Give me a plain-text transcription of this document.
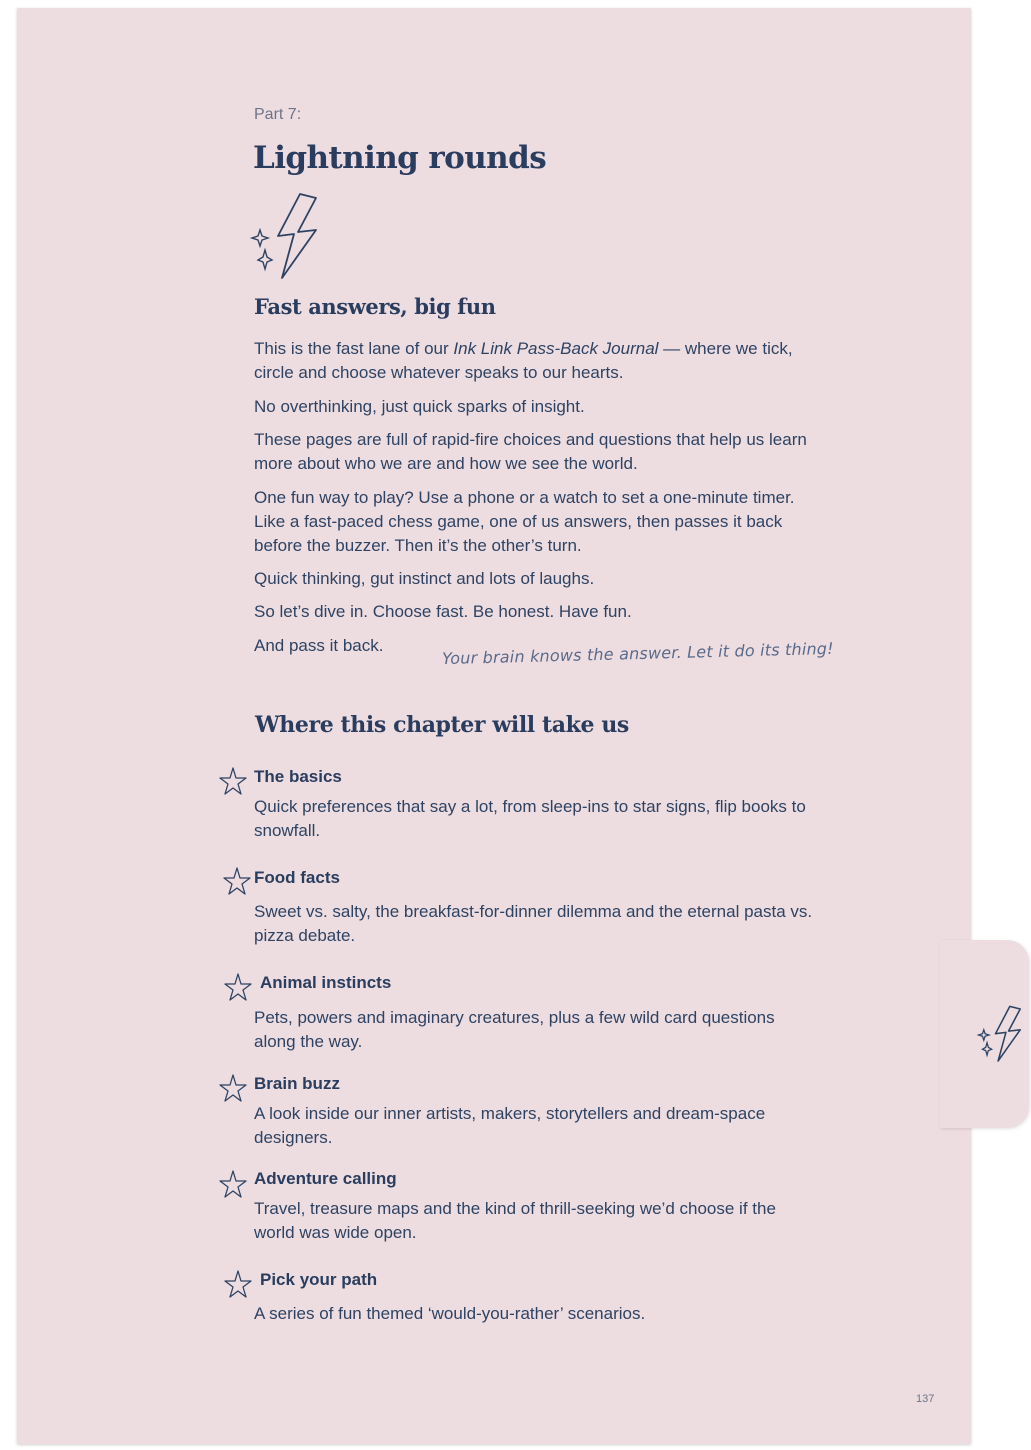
Part 7:
Lightning rounds
Fast answers, big fun

This is the fast lane of our Ink Link Pass-Back Journal — where we tick, circle and choose whatever speaks to our hearts.

No overthinking, just quick sparks of insight.

These pages are full of rapid-fire choices and questions that help us learn more about who we are and how we see the world.

One fun way to play? Use a phone or a watch to set a one-minute timer. Like a fast-paced chess game, one of us answers, then passes it back before the buzzer. Then it’s the other’s turn.

Quick thinking, gut instinct and lots of laughs.

So let’s dive in. Choose fast. Be honest. Have fun.

And pass it back.	Your brain knows the answer. Let it do its thing!
Where this chapter will take us
The basics
Quick preferences that say a lot, from sleep-ins to star signs, flip books to snowfall.
Food facts
Sweet vs. salty, the breakfast-for-dinner dilemma and the eternal pasta vs. pizza debate.
Animal instincts
Pets, powers and imaginary creatures, plus a few wild card questions along the way.
Brain buzz
A look inside our inner artists, makers, storytellers and dream-space designers.
Adventure calling
Travel, treasure maps and the kind of thrill-seeking we’d choose if the world was wide open.
Pick your path
A series of fun themed ‘would-you-rather’ scenarios.
137
